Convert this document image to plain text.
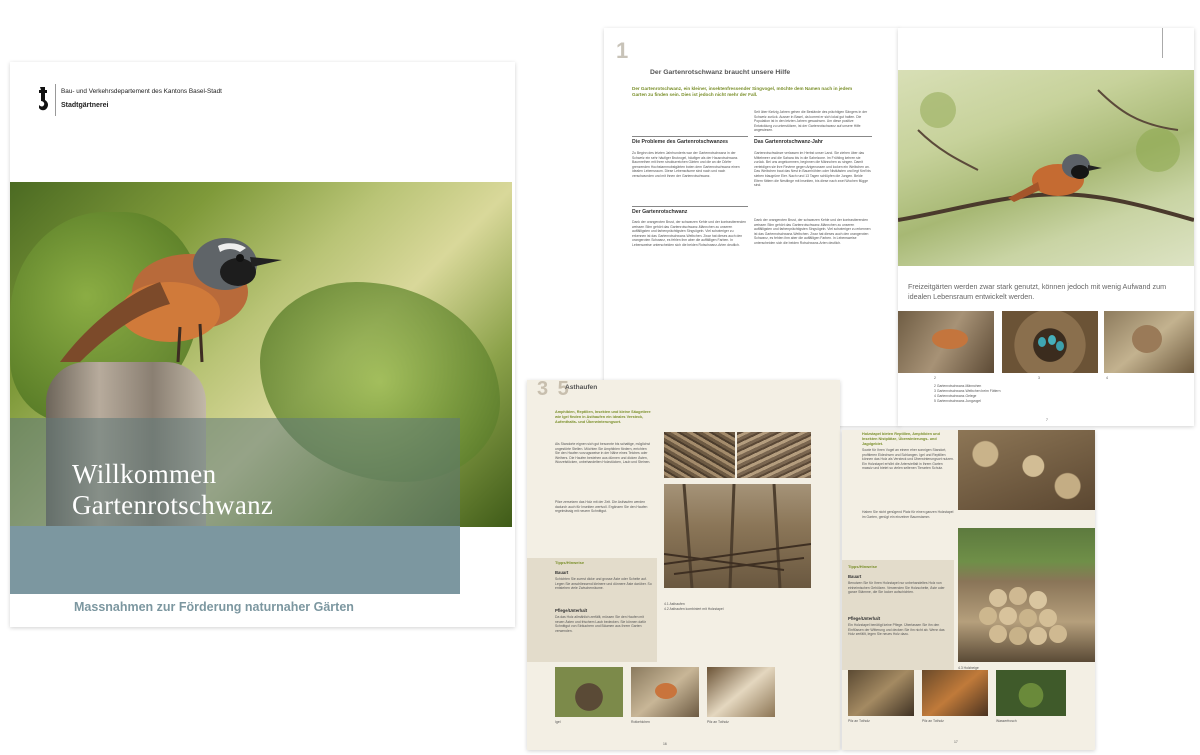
Bau- und Verkehrsdepartement des Kantons Basel-Stadt
Stadtgärtnerei
Willkommen
Gartenrotschwanz
Massnahmen zur Förderung naturnaher Gärten
1
Der Gartenrotschwanz braucht unsere Hilfe
Der Gartenrotschwanz, ein kleiner, insektenfressender Singvogel, möchte dem Namen nach in jedem Garten zu finden sein. Dies ist jedoch nicht mehr der Fall.
Seit über fünfzig Jahren gehen die Bestände des prächtigen Sängers in der Schweiz zurück. Ausser in Basel, da kommt er sich lokal gut halten. Die Population ist in den letzten Jahren gewachsen. Um diese positive Entwicklung zu unterstützen, ist der Gartenrotschwanz auf unsere Hilfe angewiesen.
Die Probleme des Gartenrotschwanzes
Zu Beginn des letzten Jahrhunderts war der Gartenrotschwanz in der Schweiz ein sehr häufiger Brutvogel, häufiger als der Hausrotschwanz. Baumreihen mit ihren strukturreichen Gärten und die an die Dörfer grenzenden Hochstammobstgärten boten dem Gartenrotschwanz einen idealen Lebensraum. Diese Lebensräume sind nach und nach verschwunden und mit ihnen der Gartenrotschwanz.
Der Gartenrotschwanz
Dank der orangeroten Brust, der schwarzen Kehle und der kontrastierenden weissen Stirn gehört das Gartenrotschwanz-Männchen zu unseren auffälligsten und farbenprächtigsten Singvögeln. Viel schwieriger zu erkennen ist das Gartenrotschwanz-Weibchen. Zwar hat dieses auch den orangeroten Schwanz, es fehlen ihm aber die auffälligen Farben. In Lebensweise unterscheiden sich die beiden Rotschwanz-Arten deutlich.
Das Gartenrotschwanz-Jahr
Gartenrotschwänze verlassen im Herbst unser Land. Sie ziehen über das Mittelmeer und die Sahara bis in die Sahelzone. Im Frühling kehren sie zurück. Bei uns angekommen, beginnen die Männchen zu singen. Damit verteidigen sie ihre Reviere gegen Artgenossen und locken ein Weibchen an. Das Weibchen baut das Nest in Baumhöhlen oder Nistkästen und legt fünf bis sieben blaugrüne Eier. Nach rund 13 Tagen schlüpfen die Jungen. Beide Eltern füttern die Nestlinge mit Insekten, bis diese nach zwei Wochen flügge sind.
Dank der orangeroten Brust, der schwarzen Kehle und der kontrastierenden weissen Stirn gehört das Gartenrotschwanz-Männchen zu unseren auffälligsten und farbenprächtigsten Singvögeln. Viel schwieriger zu erkennen ist das Gartenrotschwanz-Weibchen. Zwar hat dieses auch den orangeroten Schwanz, es fehlen ihm aber die auffälligen Farben. In Lebensweise unterscheiden sich die beiden Rotschwanz-Arten deutlich.
Freizeitgärten werden zwar stark genutzt, können jedoch mit wenig Aufwand zum idealen Lebensraum entwickelt werden.
2	3	4
2 Gartenrotschwanz-Männchen
3 Gartenrotschwanz-Weibchen beim Füttern
4 Gartenrotschwanz-Gelege
5 Gartenrotschwanz-Jungvogel
7
3 5
Asthaufen
Amphibien, Reptilien, Insekten und kleine Säugetiere wie Igel finden in Asthaufen ein ideales Versteck, Aufenthalts- und Überwinterungsort.
Als Standorte eignen sich gut besonnte bis schattige, möglichst ungestörte Stellen. Möchten Sie Amphibien fördern, errichten Sie den Haufen vorzugsweise in der Nähe eines Teiches oder Weihers. Die Haufen bestehen aus dünnen und dicken Ästen, Wurzelstöcken, unbehandelten Holzstücken, Laub und Steinen.
Pilze zersetzen das Holz mit der Zeit. Die Asthaufen werden dadurch auch für Insekten wertvoll. Ergänzen Sie den Haufen regelmässig mit neuem Schnittgut.
Tipps/Hinweise
Bauart
Schichten Sie zuerst dicke und grosse Äste oder Scheite auf. Legen Sie anschliessend kleinere und dünnere Äste darüber. So entstehen viele Zwischenräume.
Pflege/Unterhalt
Da das Holz allmählich zerfällt, müssen Sie den Haufen mit neuen Ästen und frischem Laub bedecken. Sie können dafür Schnittgut von Sträuchern und Bäumen aus Ihrem Garten verwenden.
4.1 Asthaufen
4.2 Asthaufen kombiniert mit Holzstapel
Igel	Rotkehlchen	Pilz an Totholz
16
Holzstapel bieten Reptilien, Amphibien und Insekten Nistplätze, Überwinterungs- und Jagdgebiet.
Sowie für Ihren Vogel an einem eher sonnigen Standort, profitieren Eidechsen und Schlangen. Igel und Reptilien können das Holz als Versteck und Überwinterungsort nutzen. Ein Holzstapel erhöht die Artenvielfalt in Ihrem Garten massiv und bietet so vielen seltenen Tierarten Schutz.
Haben Sie nicht genügend Platz für einen ganzen Holzstapel im Garten, genügt ein einzelner Baumstamm.
Tipps/Hinweise
Bauart
Benutzen Sie für Ihren Holzstapel nur unbehandeltes Holz von einheimischen Gehölzen. Verwenden Sie Holzscheite, Äste oder ganze Stämme, die Sie locker aufschichten.
Pflege/Unterhalt
Ein Holzstapel benötigt keine Pflege. Überlassen Sie ihn den Einflüssen der Witterung und decken Sie ihn nicht ab. Wenn das Holz zerfällt, legen Sie neues Holz dazu.
4.3 Holzbeige
Pilz an Totholz	Pilz an Totholz	Wasserfrosch
17
